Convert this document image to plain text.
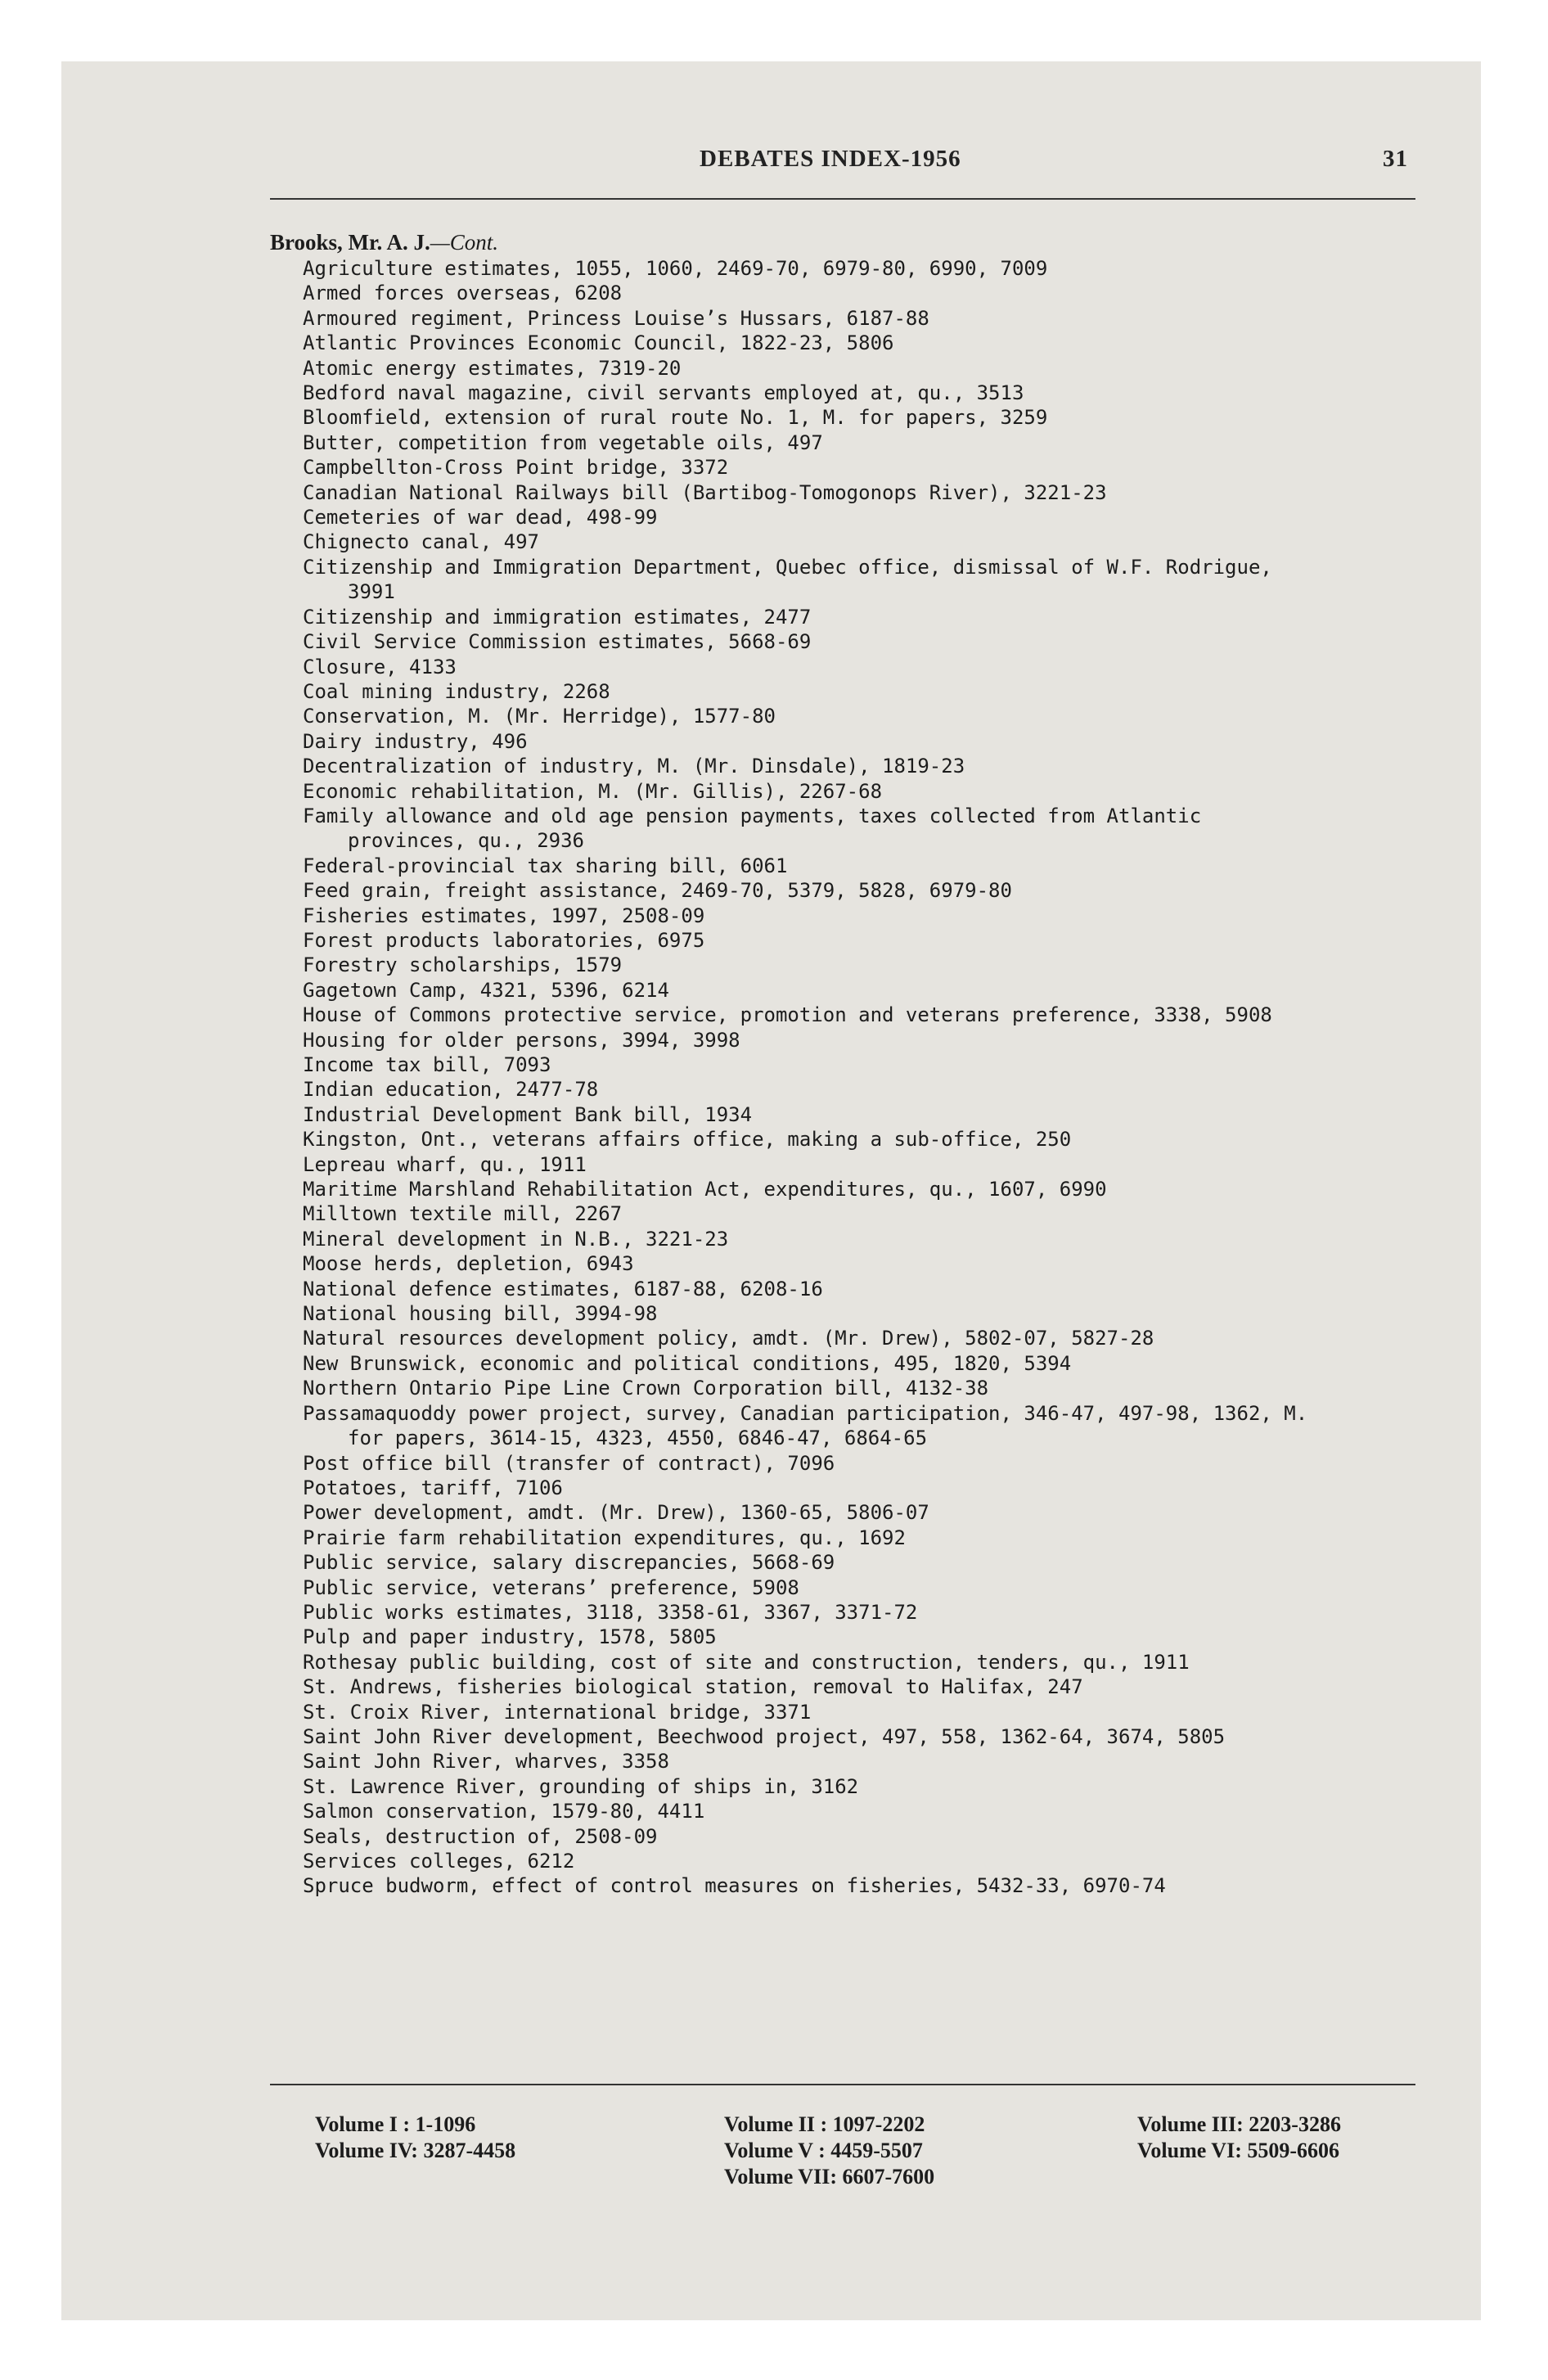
DEBATES INDEX-1956	31
Brooks, Mr. A. J.—Cont.
Agriculture estimates, 1055, 1060, 2469-70, 6979-80, 6990, 7009
Armed forces overseas, 6208
Armoured regiment, Princess Louise’s Hussars, 6187-88
Atlantic Provinces Economic Council, 1822-23, 5806
Atomic energy estimates, 7319-20
Bedford naval magazine, civil servants employed at, qu., 3513
Bloomfield, extension of rural route No. 1, M. for papers, 3259
Butter, competition from vegetable oils, 497
Campbellton-Cross Point bridge, 3372
Canadian National Railways bill (Bartibog-Tomogonops River), 3221-23
Cemeteries of war dead, 498-99
Chignecto canal, 497
Citizenship and Immigration Department, Quebec office, dismissal of W.F. Rodrigue,
3991
Citizenship and immigration estimates, 2477
Civil Service Commission estimates, 5668-69
Closure, 4133
Coal mining industry, 2268
Conservation, M. (Mr. Herridge), 1577-80
Dairy industry, 496
Decentralization of industry, M. (Mr. Dinsdale), 1819-23
Economic rehabilitation, M. (Mr. Gillis), 2267-68
Family allowance and old age pension payments, taxes collected from Atlantic
provinces, qu., 2936
Federal-provincial tax sharing bill, 6061
Feed grain, freight assistance, 2469-70, 5379, 5828, 6979-80
Fisheries estimates, 1997, 2508-09
Forest products laboratories, 6975
Forestry scholarships, 1579
Gagetown Camp, 4321, 5396, 6214
House of Commons protective service, promotion and veterans preference, 3338, 5908
Housing for older persons, 3994, 3998
Income tax bill, 7093
Indian education, 2477-78
Industrial Development Bank bill, 1934
Kingston, Ont., veterans affairs office, making a sub-office, 250
Lepreau wharf, qu., 1911
Maritime Marshland Rehabilitation Act, expenditures, qu., 1607, 6990
Milltown textile mill, 2267
Mineral development in N.B., 3221-23
Moose herds, depletion, 6943
National defence estimates, 6187-88, 6208-16
National housing bill, 3994-98
Natural resources development policy, amdt. (Mr. Drew), 5802-07, 5827-28
New Brunswick, economic and political conditions, 495, 1820, 5394
Northern Ontario Pipe Line Crown Corporation bill, 4132-38
Passamaquoddy power project, survey, Canadian participation, 346-47, 497-98, 1362, M.
for papers, 3614-15, 4323, 4550, 6846-47, 6864-65
Post office bill (transfer of contract), 7096
Potatoes, tariff, 7106
Power development, amdt. (Mr. Drew), 1360-65, 5806-07
Prairie farm rehabilitation expenditures, qu., 1692
Public service, salary discrepancies, 5668-69
Public service, veterans’ preference, 5908
Public works estimates, 3118, 3358-61, 3367, 3371-72
Pulp and paper industry, 1578, 5805
Rothesay public building, cost of site and construction, tenders, qu., 1911
St. Andrews, fisheries biological station, removal to Halifax, 247
St. Croix River, international bridge, 3371
Saint John River development, Beechwood project, 497, 558, 1362-64, 3674, 5805
Saint John River, wharves, 3358
St. Lawrence River, grounding of ships in, 3162
Salmon conservation, 1579-80, 4411
Seals, destruction of, 2508-09
Services colleges, 6212
Spruce budworm, effect of control measures on fisheries, 5432-33, 6970-74
Volume I : 1-1096
Volume IV: 3287-4458
Volume II : 1097-2202
Volume V : 4459-5507
Volume VII: 6607-7600
Volume III: 2203-3286
Volume VI: 5509-6606
